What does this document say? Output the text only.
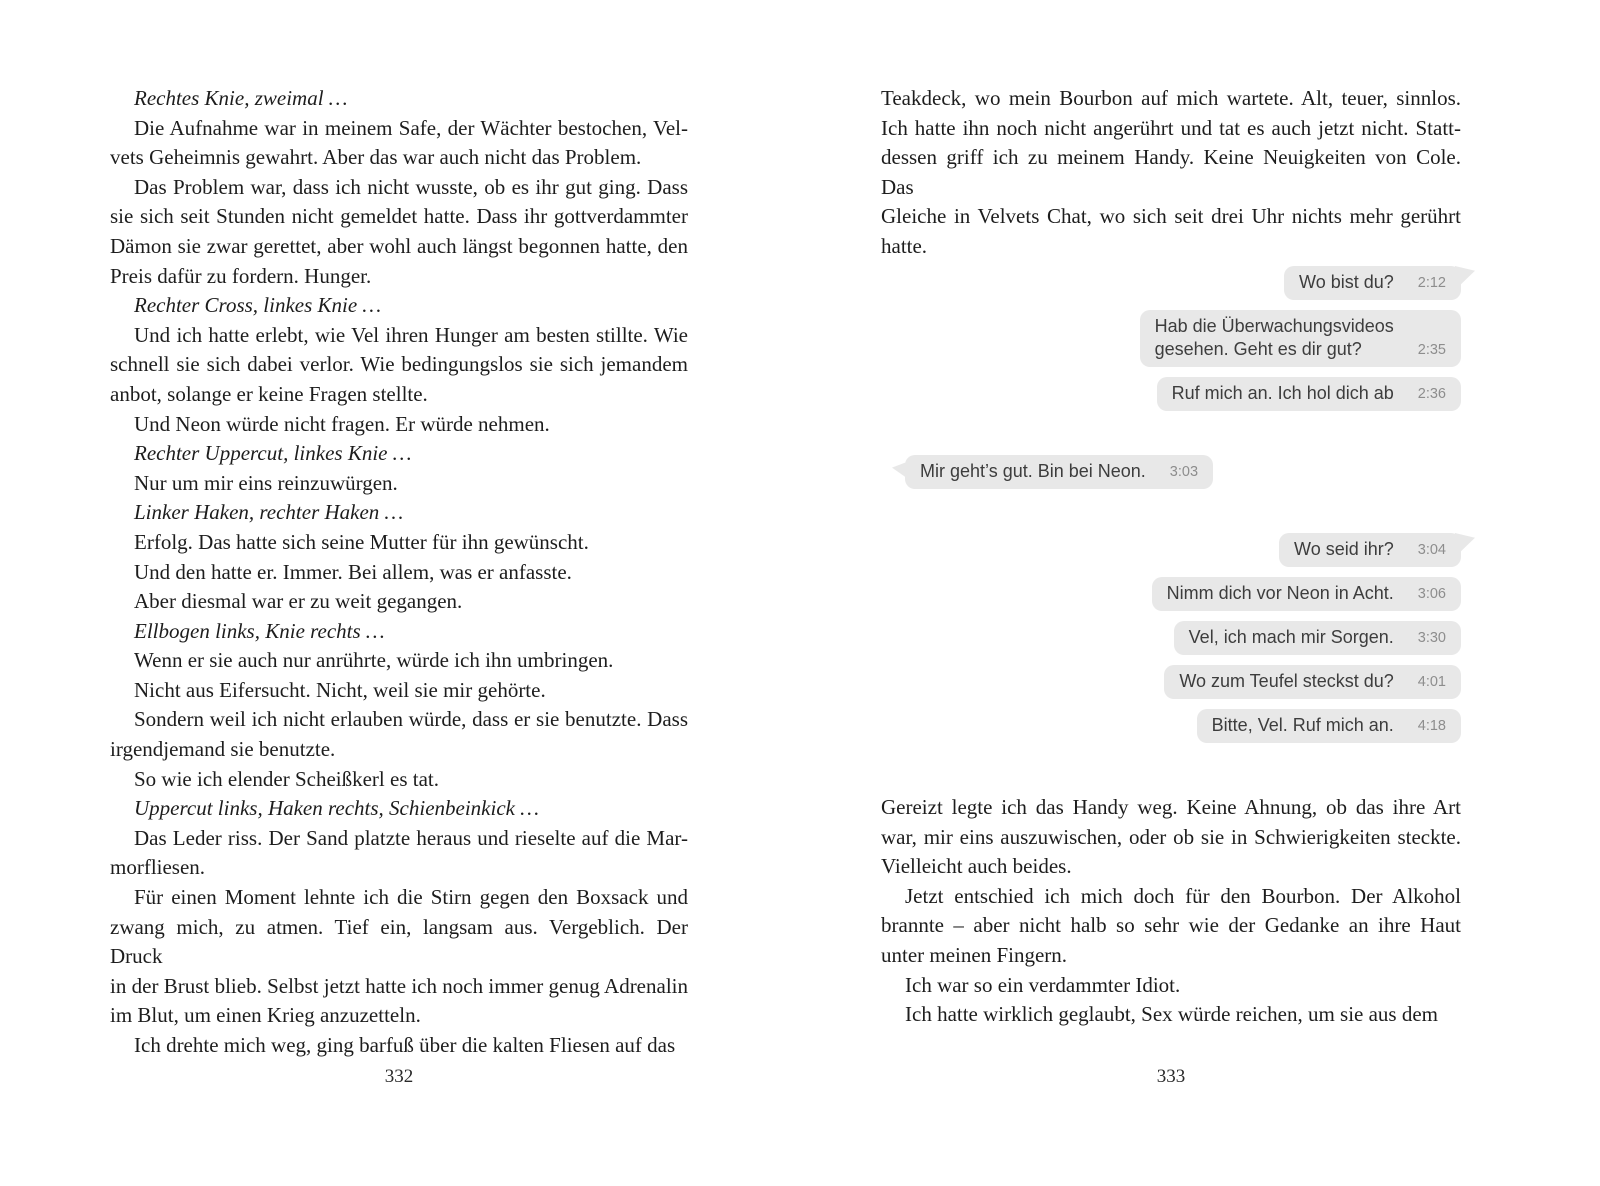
Rechtes Knie, zweimal …
Die Aufnahme war in meinem Safe, der Wächter bestochen, Vel-
vets Geheimnis gewahrt. Aber das war auch nicht das Problem.
Das Problem war, dass ich nicht wusste, ob es ihr gut ging. Dass
sie sich seit Stunden nicht gemeldet hatte. Dass ihr gottverdammter
Dämon sie zwar gerettet, aber wohl auch längst begonnen hatte, den
Preis dafür zu fordern. Hunger.
Rechter Cross, linkes Knie …
Und ich hatte erlebt, wie Vel ihren Hunger am besten stillte. Wie
schnell sie sich dabei verlor. Wie bedingungslos sie sich jemandem
anbot, solange er keine Fragen stellte.
Und Neon würde nicht fragen. Er würde nehmen.
Rechter Uppercut, linkes Knie …
Nur um mir eins reinzuwürgen.
Linker Haken, rechter Haken …
Erfolg. Das hatte sich seine Mutter für ihn gewünscht.
Und den hatte er. Immer. Bei allem, was er anfasste.
Aber diesmal war er zu weit gegangen.
Ellbogen links, Knie rechts …
Wenn er sie auch nur anrührte, würde ich ihn umbringen.
Nicht aus Eifersucht. Nicht, weil sie mir gehörte.
Sondern weil ich nicht erlauben würde, dass er sie benutzte. Dass
irgendjemand sie benutzte.
So wie ich elender Scheißkerl es tat.
Uppercut links, Haken rechts, Schienbeinkick …
Das Leder riss. Der Sand platzte heraus und rieselte auf die Mar-
morfliesen.
Für einen Moment lehnte ich die Stirn gegen den Boxsack und
zwang mich, zu atmen. Tief ein, langsam aus. Vergeblich. Der Druck
in der Brust blieb. Selbst jetzt hatte ich noch immer genug Adrenalin
im Blut, um einen Krieg anzuzetteln.
Ich drehte mich weg, ging barfuß über die kalten Fliesen auf das
332
Teakdeck, wo mein Bourbon auf mich wartete. Alt, teuer, sinnlos.
Ich hatte ihn noch nicht angerührt und tat es auch jetzt nicht. Statt-
dessen griff ich zu meinem Handy. Keine Neuigkeiten von Cole. Das
Gleiche in Velvets Chat, wo sich seit drei Uhr nichts mehr gerührt
hatte.
Wo bist du? 2:12
Hab die Überwachungsvideos
gesehen. Geht es dir gut?	2:35
Ruf mich an. Ich hol dich ab 2:36
Mir geht’s gut. Bin bei Neon. 3:03
Wo seid ihr? 3:04
Nimm dich vor Neon in Acht. 3:06
Vel, ich mach mir Sorgen. 3:30
Wo zum Teufel steckst du? 4:01
Bitte, Vel. Ruf mich an. 4:18
Gereizt legte ich das Handy weg. Keine Ahnung, ob das ihre Art
war, mir eins auszuwischen, oder ob sie in Schwierigkeiten steckte.
Vielleicht auch beides.
Jetzt entschied ich mich doch für den Bourbon. Der Alkohol
brannte – aber nicht halb so sehr wie der Gedanke an ihre Haut
unter meinen Fingern.
Ich war so ein verdammter Idiot.
Ich hatte wirklich geglaubt, Sex würde reichen, um sie aus dem
333
